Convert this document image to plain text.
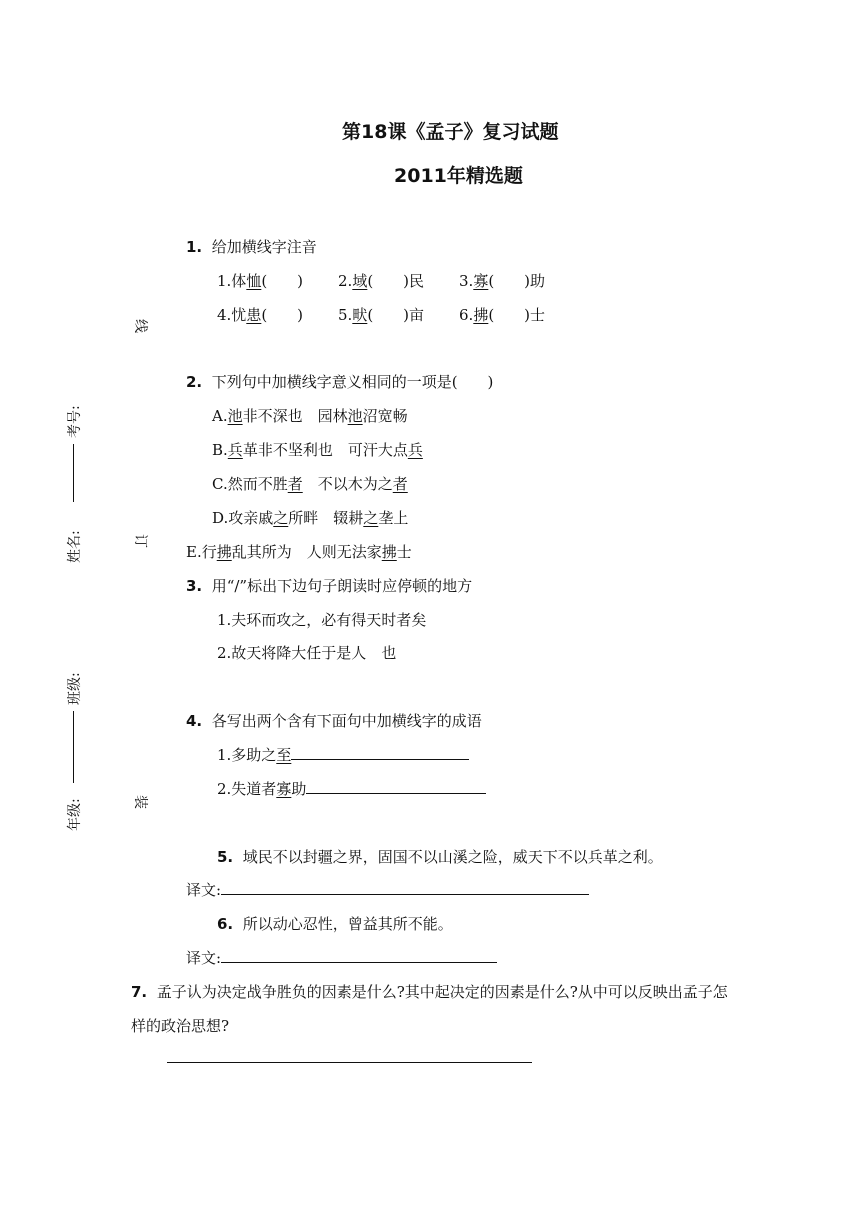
第18课《孟子》复习试题
2011年精选题
线
订
装
考号:
姓名:
班级:
年级:
1. 给加横线字注音
1.体恤(　　) 2.域(　　)民 3.寡(　　)助
4.忧患(　　) 5.畎(　　)亩 6.拂(　　)士
2. 下列句中加横线字意义相同的一项是(　　)
A.池非不深也　园林池沼宽畅
B.兵革非不坚利也　可汗大点兵
C.然而不胜者　不以木为之者
D.攻亲戚之所畔　辍耕之垄上
E.行拂乱其所为　人则无法家拂士
3. 用“/”标出下边句子朗读时应停顿的地方
1.夫环而攻之，必有得天时者矣
2.故天将降大任于是人　也
4. 各写出两个含有下面句中加横线字的成语
1.多助之至
2.失道者寡助
5. 域民不以封疆之界，固国不以山溪之险，威天下不以兵革之利。
译文:
6. 所以动心忍性，曾益其所不能。
译文:
7. 孟子认为决定战争胜负的因素是什么?其中起决定的因素是什么?从中可以反映出孟子怎
样的政治思想?
